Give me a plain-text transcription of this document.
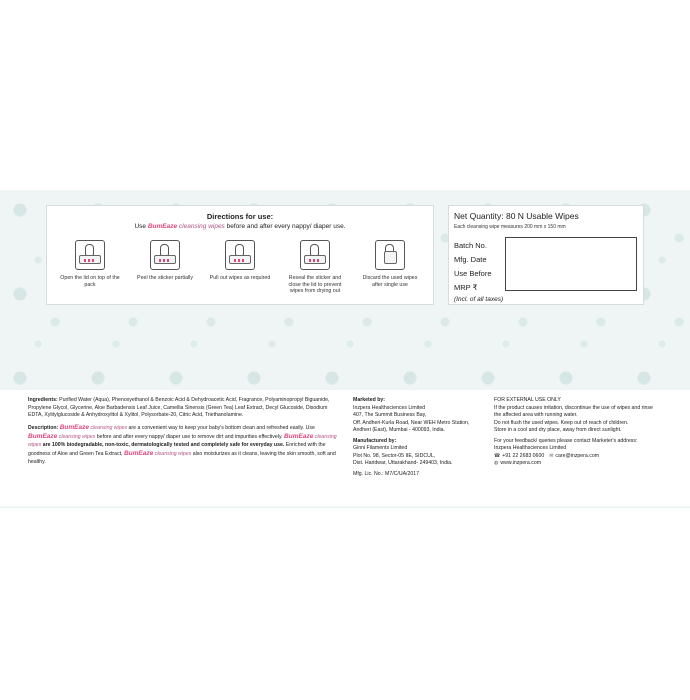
Directions for use:
Use BumEaze cleansing wipes before and after every nappy/ diaper use.
Open the lid on top of the pack
Peel the sticker partially	Pull out wipes as required	Reseal the sticker and close the lid to prevent wipes from drying out
Discard the used wipes after single use
Net Quantity: 80 N Usable Wipes
Each cleansing wipe measures 200 mm x 150 mm
Batch No.
Mfg. Date
Use Before
MRP ₹
(Incl. of all taxes)
Ingredients: Purified Water (Aqua), Phenoxyethanol & Benzoic Acid & Dehydroacetic Acid, Fragrance, Polyaminopropyl Biguanide, Propylene Glycol, Glycerine, Aloe Barbadensis Leaf Juice, Camellia Sinensis (Green Tea) Leaf Extract, Decyl Glucoside, Disodium EDTA, Xylitylglucoside & Anhydroxylitol & Xylitol, Polysorbate-20, Citric Acid, Triethanolamine.
Description: BumEaze cleansing wipes are a convenient way to keep your baby's bottom clean and refreshed easily. Use BumEaze cleansing wipes before and after every nappy/ diaper use to remove dirt and impurities effectively. BumEaze cleansing wipes are 100% biodegradable, non-toxic, dermatologically tested and completely safe for everyday use. Enriched with the goodness of Aloe and Green Tea Extract, BumEaze cleansing wipes also moisturizes as it cleans, leaving the skin smooth, soft and healthy.
Marketed by:
Inzpera Healthsciences Limited
407, The Summit Business Bay,
Off. Andheri-Kurla Road, Near WEH Metro Station,
Andheri (East), Mumbai - 400093, India.
Manufactured by:
Ginni Filaments Limited
Plot No. 98, Sector-05 IIE, SIDCUL,
Dist. Haridwar, Uttarakhand- 249403, India.
Mfg. Lic. No.: M7/C/UA/2017
FOR EXTERNAL USE ONLY
If the product causes irritation, discontinue the use of wipes and rinse the affected area with running water.
Do not flush the used wipes. Keep out of reach of children.
Store in a cool and dry place, away from direct sunlight.
For your feedback/ queries please contact Marketer's address:
Inzpera Healthsciences Limited
☎ +91 22 2683 0600 ✉ care@inzpera.com
◍ www.inzpera.com
